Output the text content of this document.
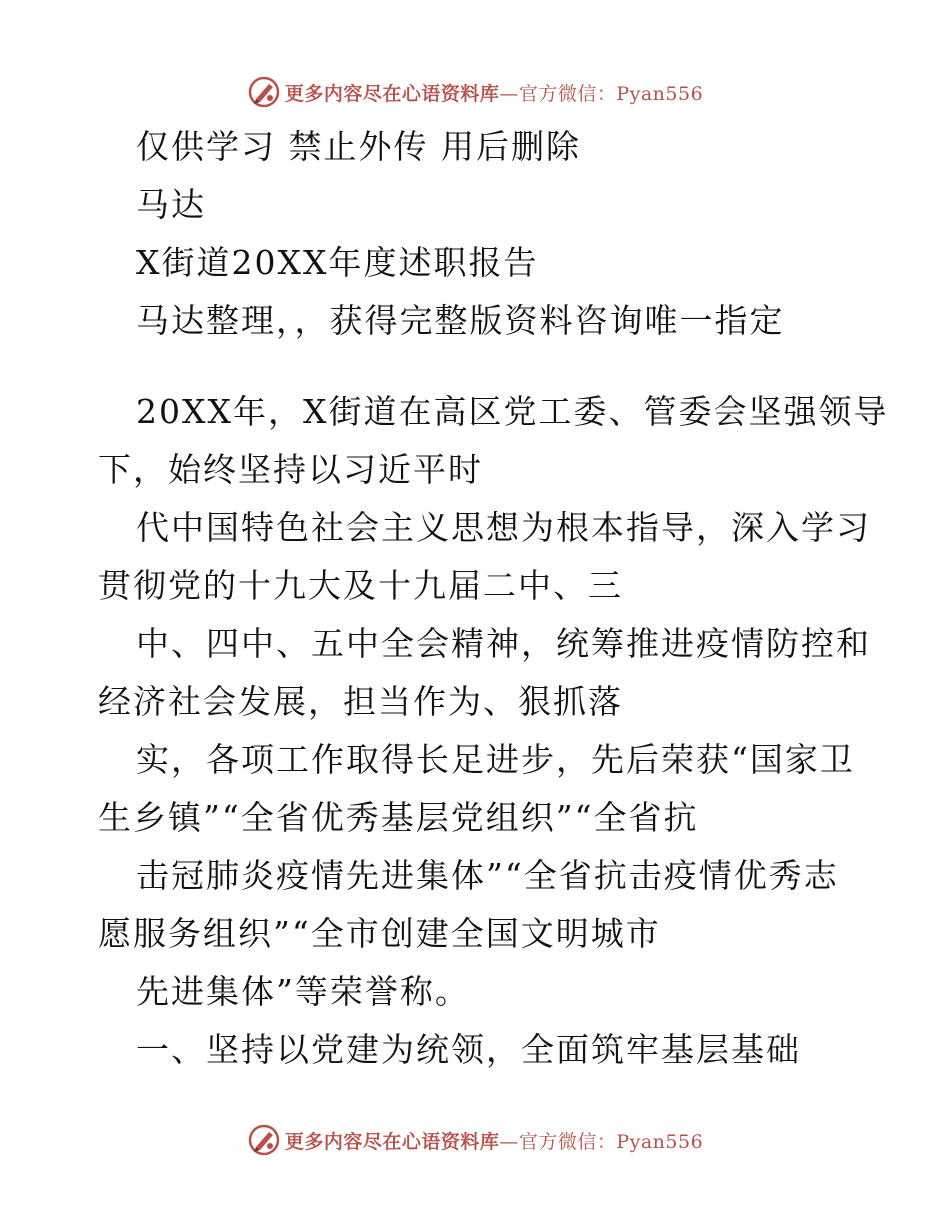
更多内容尽在心语资料库—官方微信：Pyan556
仅供学习 禁止外传 用后删除
马达
X街道20XX年度述职报告
马达整理，，获得完整版资料咨询唯一指定
20XX年，X街道在高区党工委、管委会坚强领导
下，始终坚持以习近平时
代中国特色社会主义思想为根本指导，深入学习
贯彻党的十九大及十九届二中、三
中、四中、五中全会精神，统筹推进疫情防控和
经济社会发展，担当作为、狠抓落
实，各项工作取得长足进步，先后荣获“国家卫
生乡镇”“全省优秀基层党组织”“全省抗
击冠肺炎疫情先进集体”“全省抗击疫情优秀志
愿服务组织”“全市创建全国文明城市
先进集体”等荣誉称。
一、坚持以党建为统领，全面筑牢基层基础
更多内容尽在心语资料库—官方微信：Pyan556
